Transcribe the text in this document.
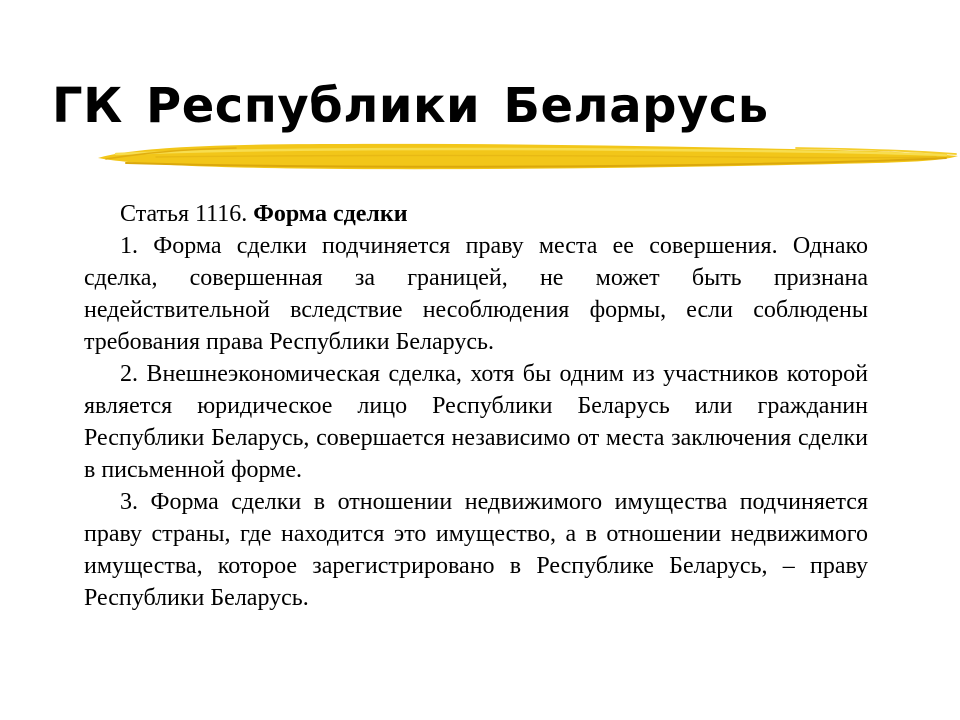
ГК Республики Беларусь

Статья 1116. Форма сделки

1. Форма сделки подчиняется праву места ее совершения. Однако сделка, совершенная за границей, не может быть признана недействительной вследствие несоблюдения формы, если соблюдены требования права Республики Беларусь.

2. Внешнеэкономическая сделка, хотя бы одним из участников которой является юридическое лицо Республики Беларусь или гражданин Республики Беларусь, совершается независимо от места заключения сделки в письменной форме.

3. Форма сделки в отношении недвижимого имущества подчиняется праву страны, где находится это имущество, а в отношении недвижимого имущества, которое зарегистрировано в Республике Беларусь, – праву Республики Беларусь.
